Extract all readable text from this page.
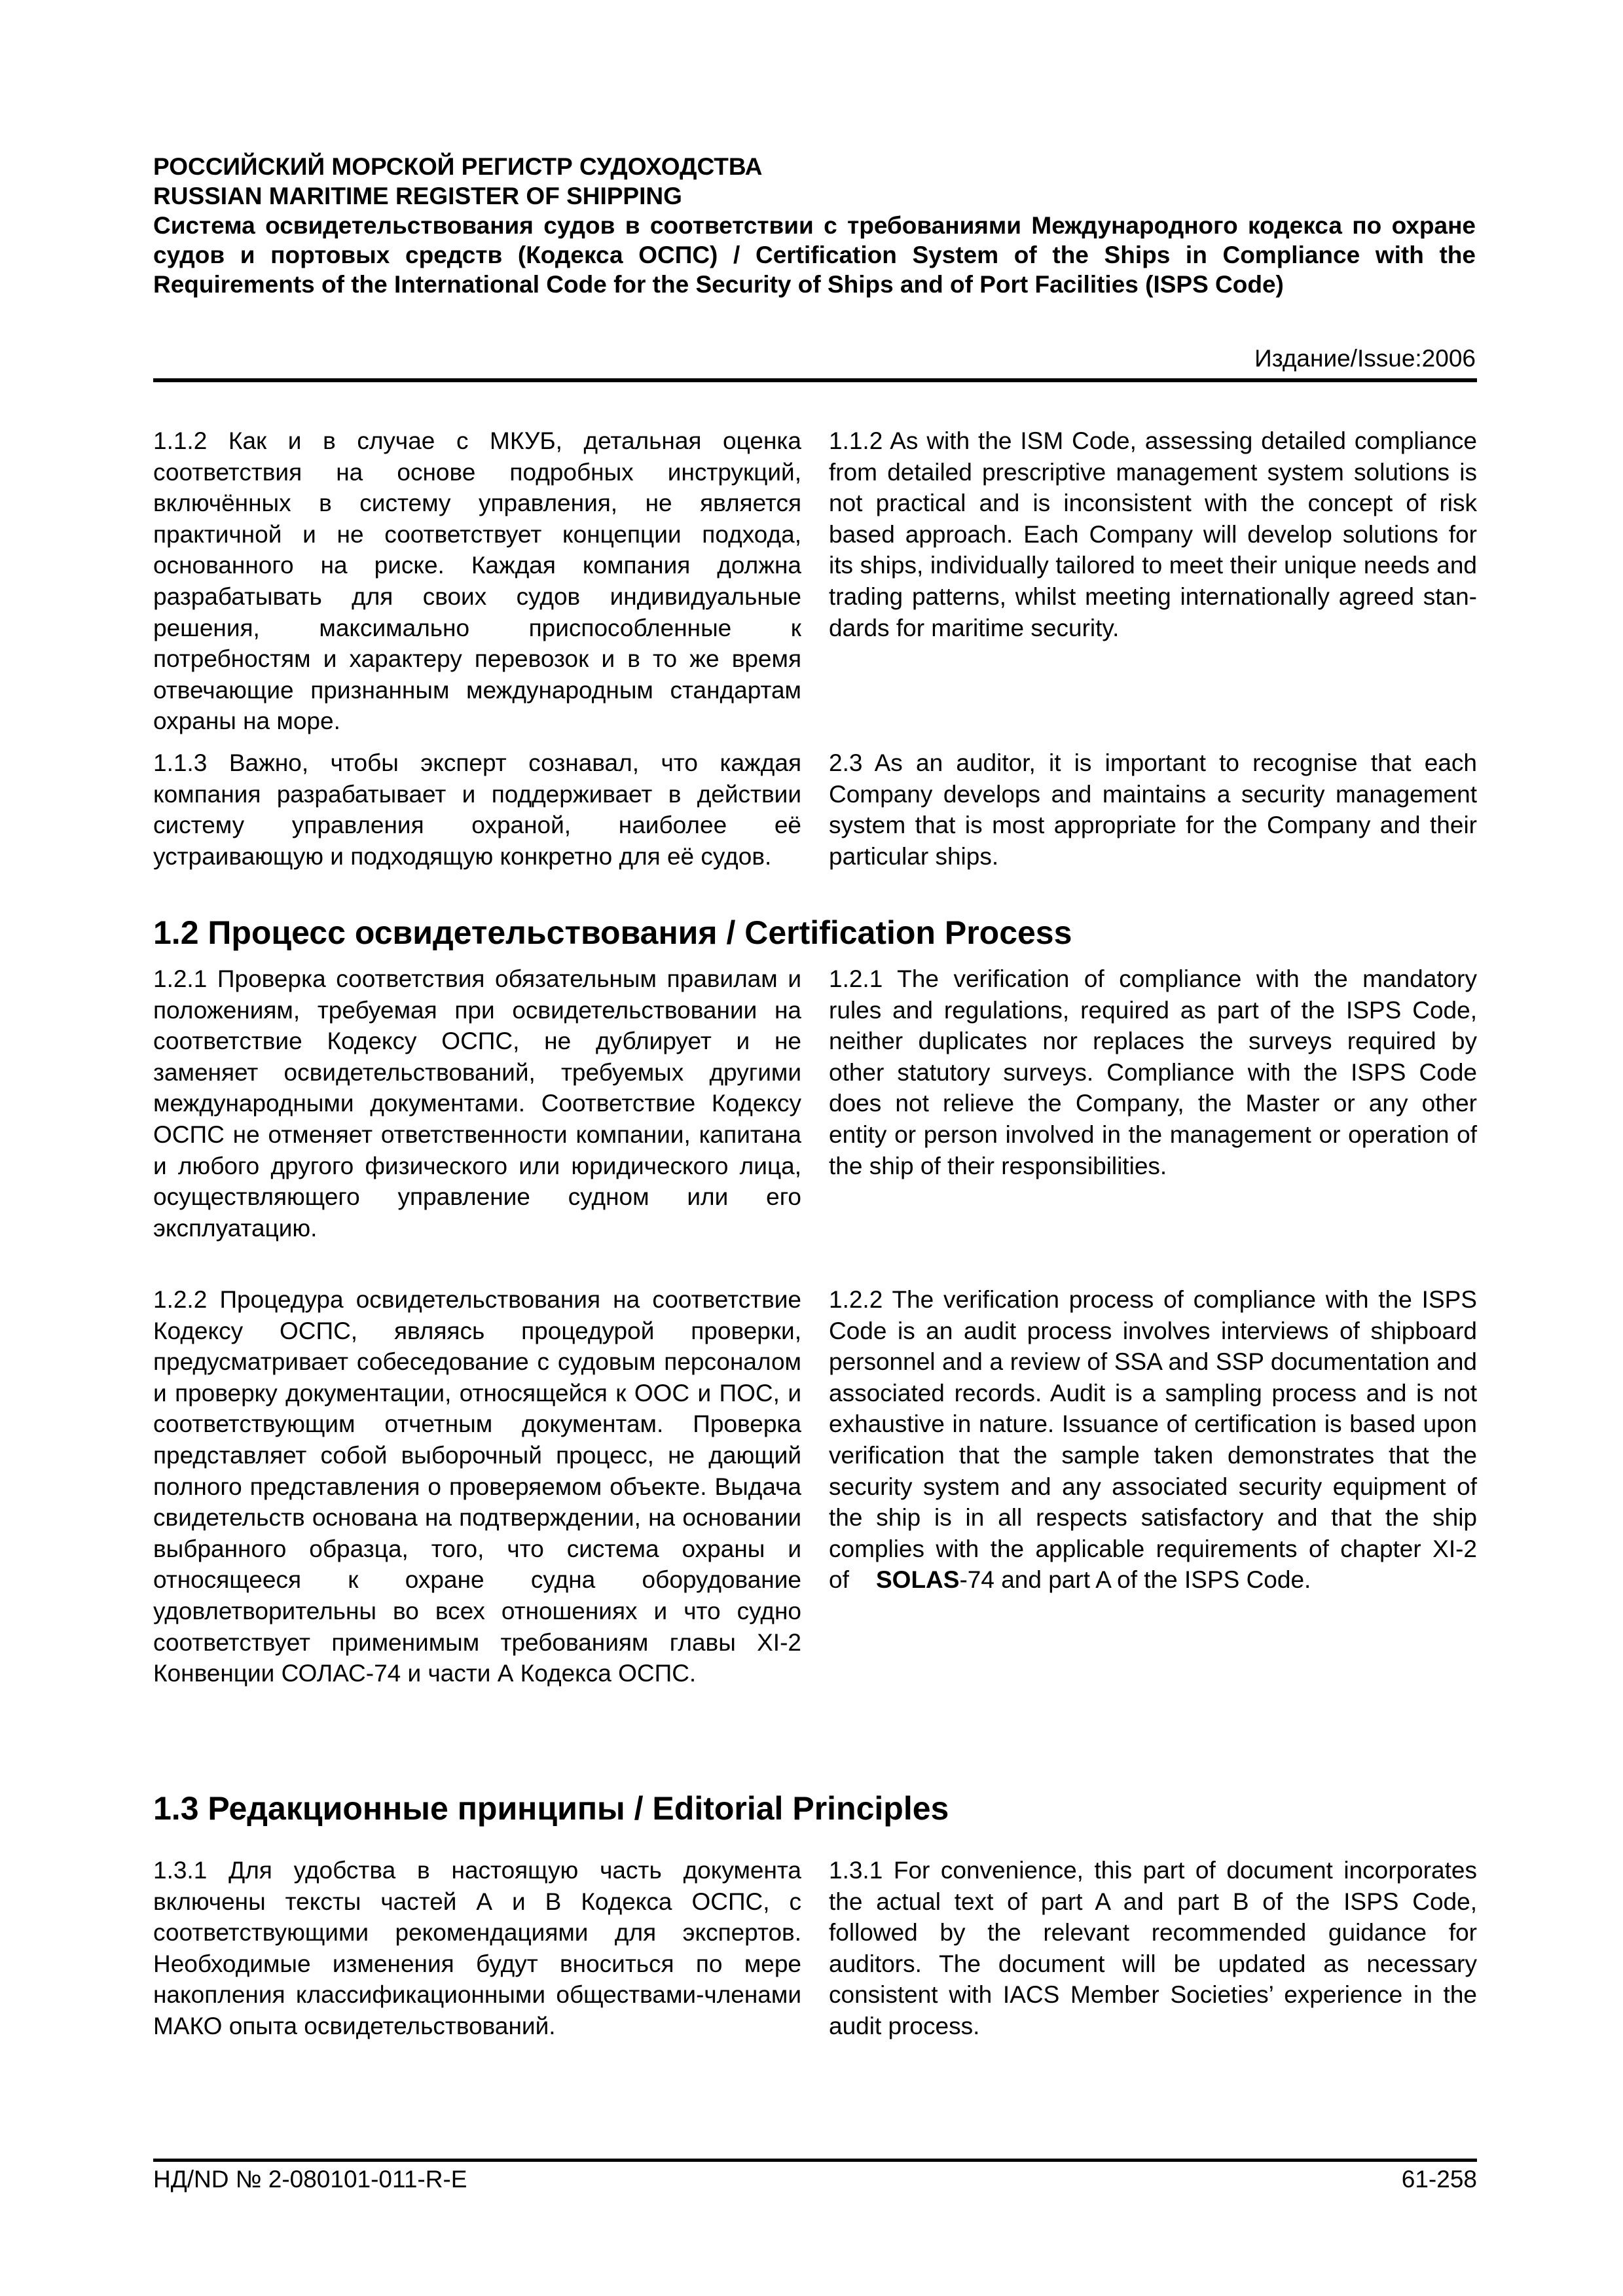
РОССИЙСКИЙ МОРСКОЙ РЕГИСТР СУДОХОДСТВА
RUSSIAN MARITIME REGISTER OF SHIPPING
Система освидетельствования судов в соответствии с требованиями Международного кодекса по охране судов и портовых средств (Кодекса ОСПС) / Certification System of the Ships in Compliance with the Requirements of the International Code for the Security of Ships and of Port Facilities (ISPS Code)
Издание/Issue:2006
1.1.2 Как и в случае с МКУБ, детальная оценка соответствия на основе подробных инструкций, включённых в систему управления, не является практичной и не соответствует концепции подхода, основанного на риске. Каждая компания должна разрабатывать для своих судов индивидуальные решения, максимально приспособленные к потребностям и характеру перевозок и в то же время отвечающие признанным международным стандартам охраны на море.
1.1.2 As with the ISM Code, assessing detailed compliance from detailed prescriptive management system solutions is not practical and is inconsistent with the concept of risk based approach. Each Company will develop solutions for its ships, individually tailored to meet their unique needs and trading patterns, whilst meeting internationally agreed standards for maritime security.
1.1.3 Важно, чтобы эксперт сознавал, что каждая компания разрабатывает и поддерживает в действии систему управления охраной, наиболее её устраивающую и подходящую конкретно для её судов.
2.3 As an auditor, it is important to recognise that each Company develops and maintains a security management system that is most appropriate for the Company and their particular ships.
1.2 Процесс освидетельствования / Certification Process
1.2.1 Проверка соответствия обязательным правилам и положениям, требуемая при освидетельствовании на соответствие Кодексу ОСПС, не дублирует и не заменяет освидетельствований, требуемых другими международными документами. Соответствие Кодексу ОСПС не отменяет ответственности компании, капитана и любого другого физического или юридического лица, осуществляющего управление судном или его эксплуатацию.
1.2.1 The verification of compliance with the mandatory rules and regulations, required as part of the ISPS Code, neither duplicates nor replaces the surveys required by other statutory surveys. Compliance with the ISPS Code does not relieve the Company, the Master or any other entity or person involved in the management or operation of the ship of their responsibilities.
1.2.2 Процедура освидетельствования на соответствие Кодексу ОСПС, являясь процедурой проверки, предусматривает собеседование с судовым персоналом и проверку документации, относящейся к ООС и ПОС, и соответствующим отчетным документам. Проверка представляет собой выборочный процесс, не дающий полного представления о проверяемом объекте. Выдача свидетельств основана на подтверждении, на основании выбранного образца, того, что система охраны и относящееся к охране судна оборудование удовлетворительны во всех отношениях и что судно соответствует применимым требованиям главы XI-2 Конвенции СОЛАС-74 и части А Кодекса ОСПС.
1.2.2 The verification process of compliance with the ISPS Code is an audit process involves interviews of shipboard personnel and a review of SSA and SSP documentation and associated records. Audit is a sampling process and is not exhaustive in nature. Issuance of certification is based upon verification that the sample taken demonstrates that the security system and any associated security equipment of the ship is in all respects satisfactory and that the ship complies with the applicable requirements of chapter XI-2 of SOLAS-74 and part A of the ISPS Code.
1.3 Редакционные принципы / Editorial Principles
1.3.1 Для удобства в настоящую часть документа включены тексты частей А и В Кодекса ОСПС, с соответствующими рекомендациями для экспертов. Необходимые изменения будут вноситься по мере накопления классификационными обществами-членами МАКО опыта освидетельствований.
1.3.1 For convenience, this part of document incorporates the actual text of part A and part B of the ISPS Code, followed by the relevant recommended guidance for auditors. The document will be updated as necessary consistent with IACS Member Societies’ experience in the audit process.
НД/ND № 2-080101-011-R-E	61-258
